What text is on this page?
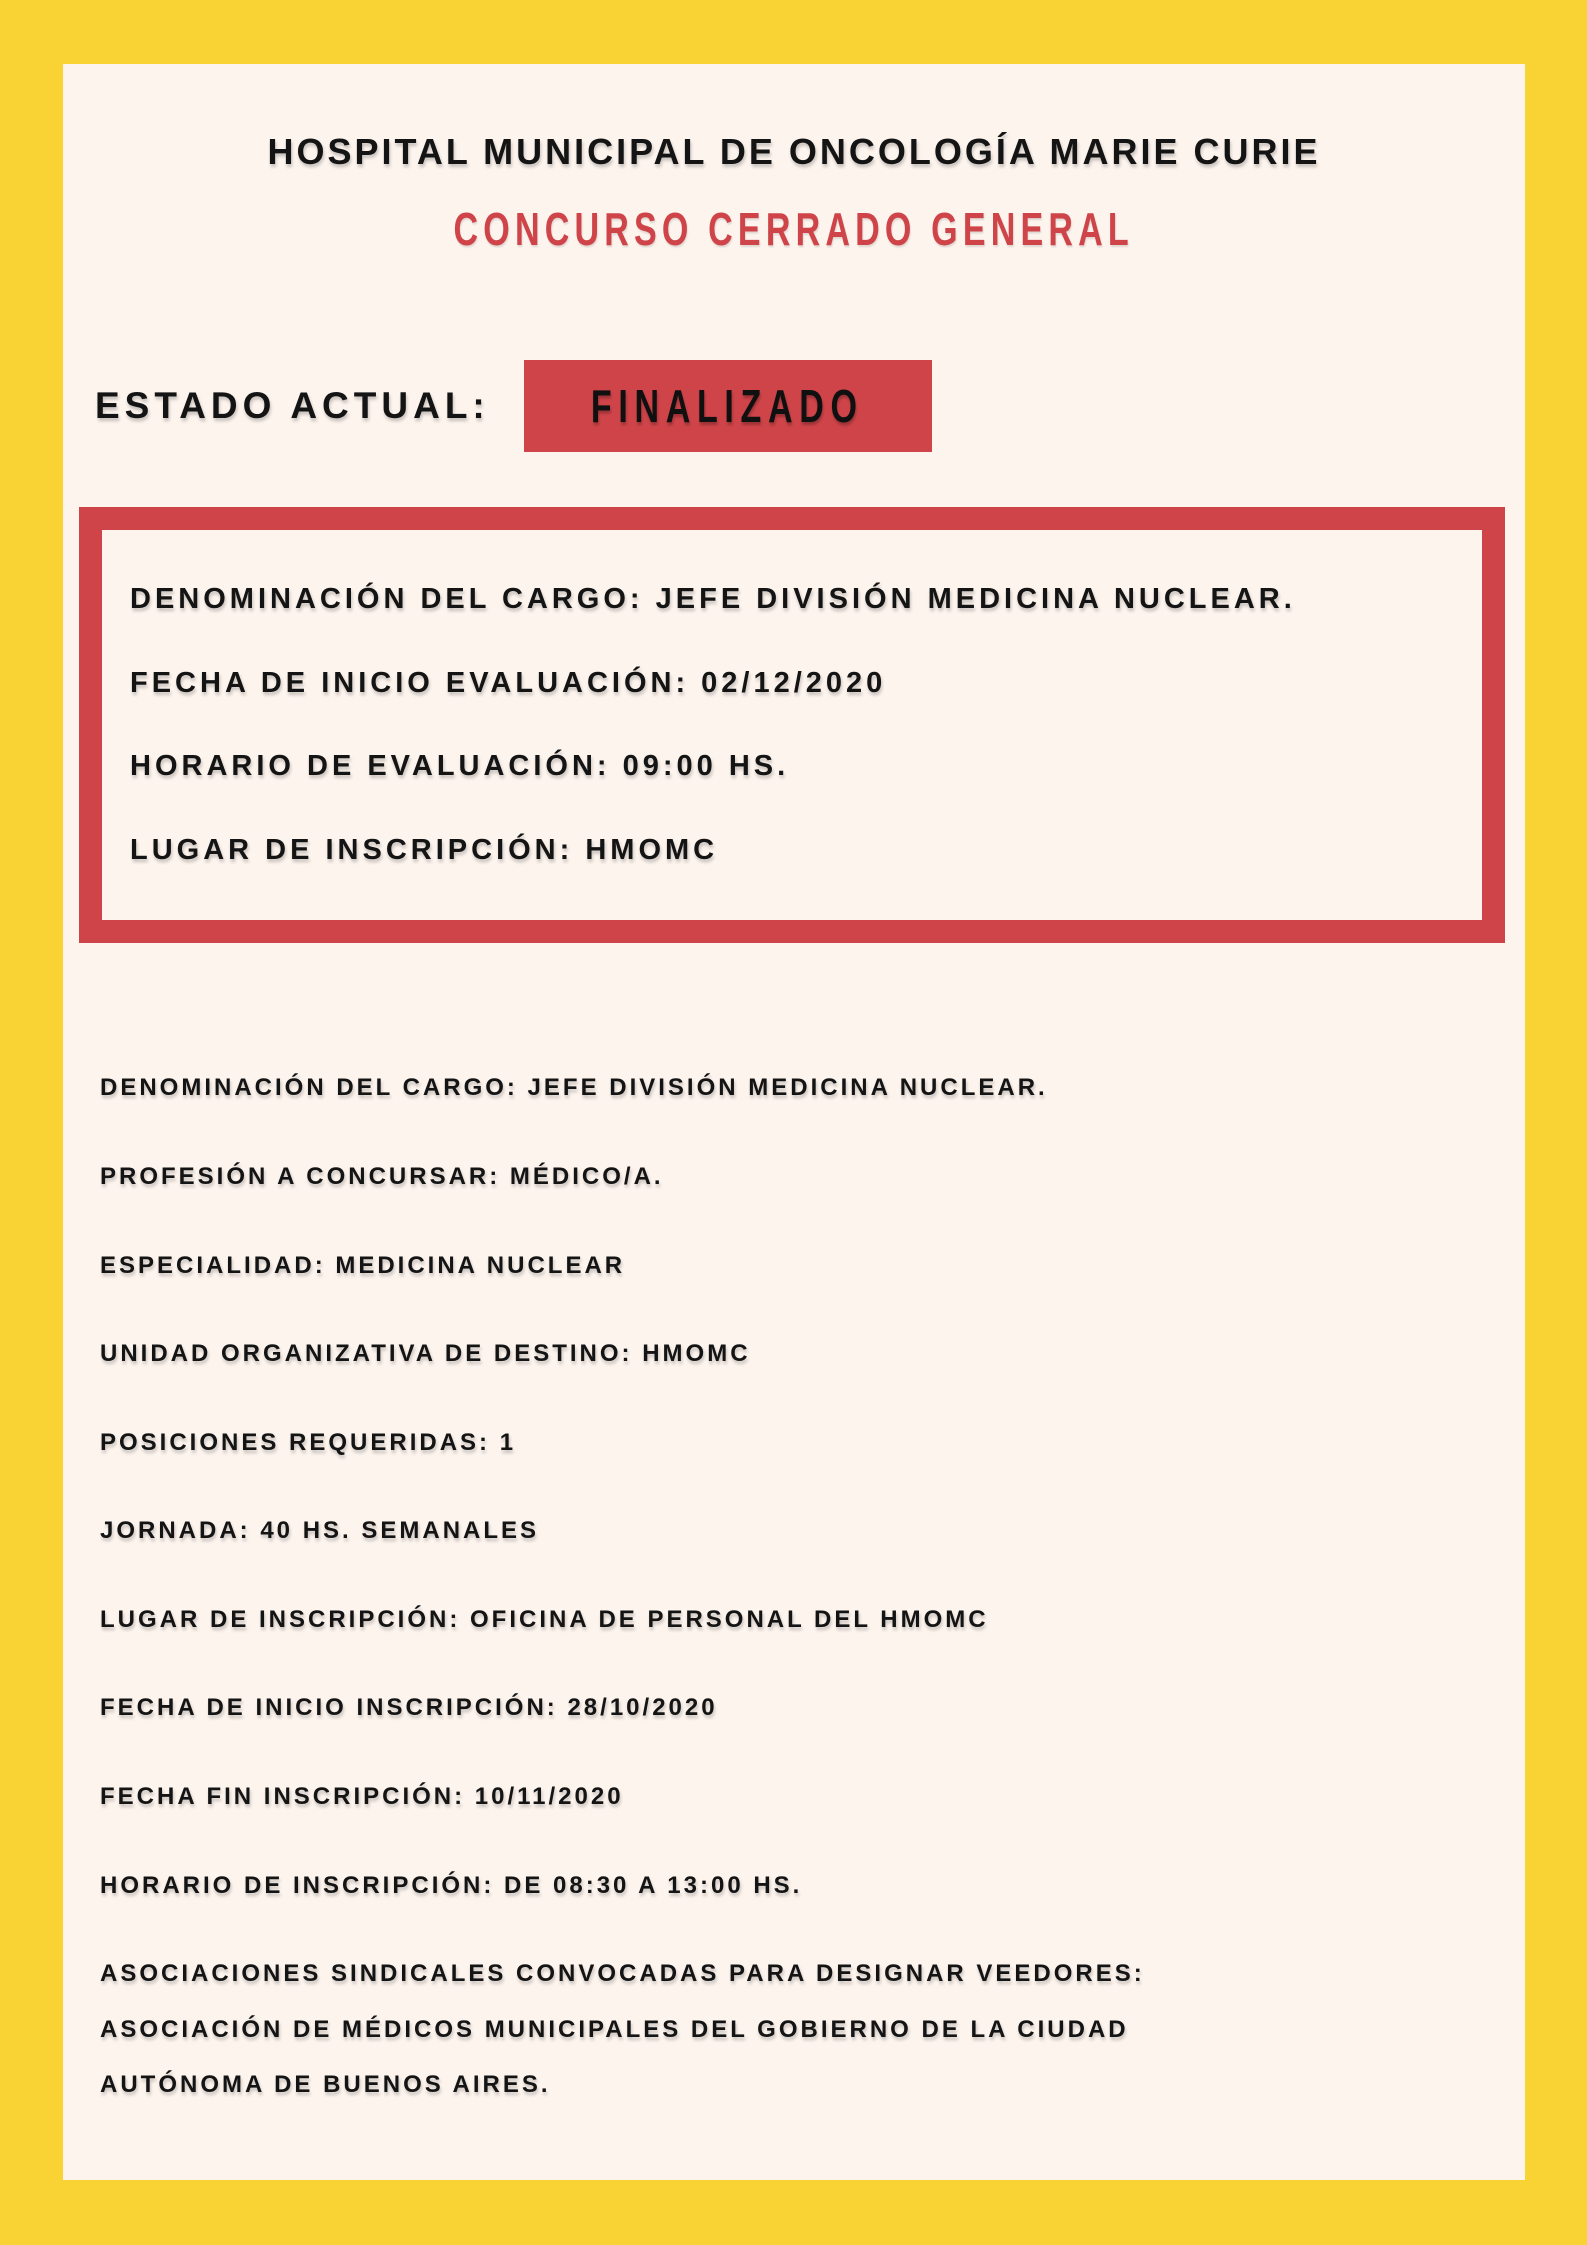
HOSPITAL MUNICIPAL DE ONCOLOGÍA MARIE CURIE
CONCURSO CERRADO GENERAL
ESTADO ACTUAL: FINALIZADO

DENOMINACIÓN DEL CARGO: JEFE DIVISIÓN MEDICINA NUCLEAR.

FECHA DE INICIO EVALUACIÓN: 02/12/2020

HORARIO DE EVALUACIÓN: 09:00 HS.

LUGAR DE INSCRIPCIÓN: HMOMC

DENOMINACIÓN DEL CARGO: JEFE DIVISIÓN MEDICINA NUCLEAR.
PROFESIÓN A CONCURSAR: MÉDICO/A.
ESPECIALIDAD: MEDICINA NUCLEAR
UNIDAD ORGANIZATIVA DE DESTINO: HMOMC
POSICIONES REQUERIDAS: 1
JORNADA: 40 HS. SEMANALES
LUGAR DE INSCRIPCIÓN: OFICINA DE PERSONAL DEL HMOMC
FECHA DE INICIO INSCRIPCIÓN: 28/10/2020
FECHA FIN INSCRIPCIÓN: 10/11/2020
HORARIO DE INSCRIPCIÓN: DE 08:30 A 13:00 HS.
ASOCIACIONES SINDICALES CONVOCADAS PARA DESIGNAR VEEDORES:
ASOCIACIÓN DE MÉDICOS MUNICIPALES DEL GOBIERNO DE LA CIUDAD
AUTÓNOMA DE BUENOS AIRES.
